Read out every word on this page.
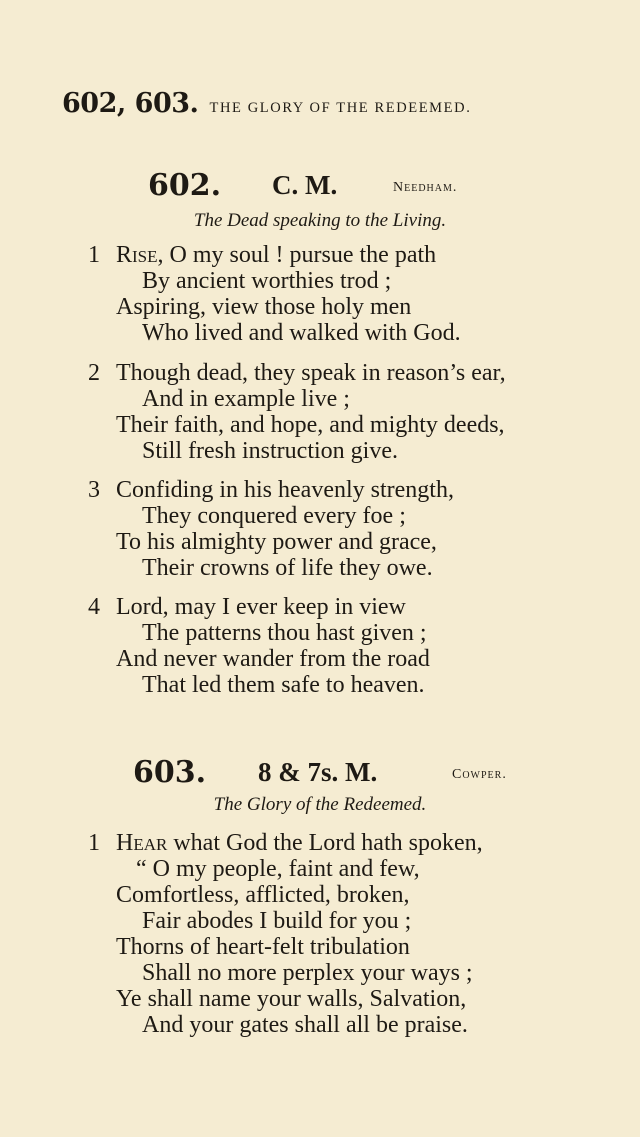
602, 603. THE GLORY OF THE REDEEMED.
602. C. M.	Needham.
The Dead speaking to the Living.
1 Rise, O my soul ! pursue the path
By ancient worthies trod ;
Aspiring, view those holy men
Who lived and walked with God.
2 Though dead, they speak in reason’s ear,
And in example live ;
Their faith, and hope, and mighty deeds,
Still fresh instruction give.
3 Confiding in his heavenly strength,
They conquered every foe ;
To his almighty power and grace,
Their crowns of life they owe.
4 Lord, may I ever keep in view
The patterns thou hast given ;
And never wander from the road
That led them safe to heaven.
603. 8 & 7s. M.	Cowper.
The Glory of the Redeemed.
1 Hear what God the Lord hath spoken,
“ O my people, faint and few,
Comfortless, afflicted, broken,
Fair abodes I build for you ;
Thorns of heart-felt tribulation
Shall no more perplex your ways ;
Ye shall name your walls, Salvation,
And your gates shall all be praise.
